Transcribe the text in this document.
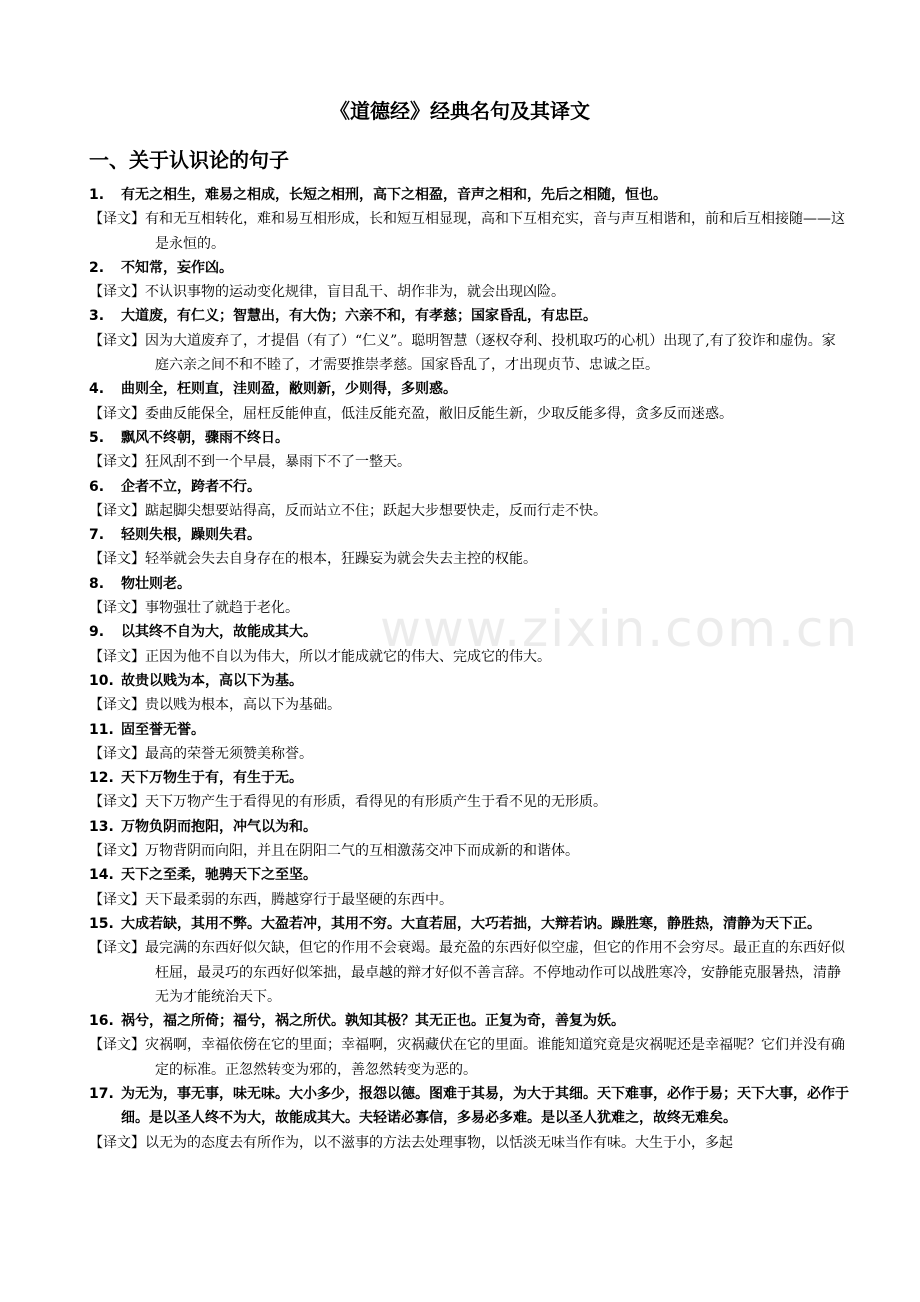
《道德经》经典名句及其译文
一、关于认识论的句子
www.zixin.com.cn
1.	有无之相生，难易之相成，长短之相刑，高下之相盈，音声之相和，先后之相随，恒也。

【译文】有和无互相转化，难和易互相形成，长和短互相显现，高和下互相充实，音与声互相谐和，前和后互相接随——这是永恒的。

2.	不知常，妄作凶。

【译文】不认识事物的运动变化规律，盲目乱干、胡作非为，就会出现凶险。

3.	大道废，有仁义；智慧出，有大伪；六亲不和，有孝慈；国家昏乱，有忠臣。

【译文】因为大道废弃了，才提倡（有了）“仁义”。聪明智慧（逐权夺利、投机取巧的心机）出现了,有了狡诈和虚伪。家庭六亲之间不和不睦了，才需要推崇孝慈。国家昏乱了，才出现贞节、忠诚之臣。

4.	曲则全，枉则直，洼则盈，敝则新，少则得，多则惑。

【译文】委曲反能保全，屈枉反能伸直，低洼反能充盈，敝旧反能生新，少取反能多得，贪多反而迷惑。

5.	飘风不终朝，骤雨不终日。

【译文】狂风刮不到一个早晨，暴雨下不了一整天。

6.	企者不立，跨者不行。

【译文】踮起脚尖想要站得高，反而站立不住；跃起大步想要快走，反而行走不快。

7.	轻则失根，躁则失君。

【译文】轻举就会失去自身存在的根本，狂躁妄为就会失去主控的权能。

8.	物壮则老。

【译文】事物强壮了就趋于老化。

9.	以其终不自为大，故能成其大。

【译文】正因为他不自以为伟大，所以才能成就它的伟大、完成它的伟大。

10. 故贵以贱为本，高以下为基。

【译文】贵以贱为根本，高以下为基础。

11. 固至誉无誉。

【译文】最高的荣誉无须赞美称誉。

12. 天下万物生于有，有生于无。

【译文】天下万物产生于看得见的有形质，看得见的有形质产生于看不见的无形质。

13. 万物负阴而抱阳，冲气以为和。

【译文】万物背阴而向阳，并且在阴阳二气的互相激荡交冲下而成新的和谐体。

14. 天下之至柔，驰骋天下之至坚。

【译文】天下最柔弱的东西，腾越穿行于最坚硬的东西中。

15. 大成若缺，其用不弊。大盈若冲，其用不穷。大直若屈，大巧若拙，大辩若讷。躁胜寒，静胜热，清静为天下正。

【译文】最完满的东西好似欠缺，但它的作用不会衰竭。最充盈的东西好似空虚，但它的作用不会穷尽。最正直的东西好似枉屈，最灵巧的东西好似笨拙，最卓越的辩才好似不善言辞。不停地动作可以战胜寒冷，安静能克服暑热，清静无为才能统治天下。

16. 祸兮，福之所倚；福兮，祸之所伏。孰知其极？其无正也。正复为奇，善复为妖。

【译文】灾祸啊，幸福依傍在它的里面；幸福啊，灾祸藏伏在它的里面。谁能知道究竟是灾祸呢还是幸福呢？它们并没有确定的标准。正忽然转变为邪的，善忽然转变为恶的。

17. 为无为，事无事，味无味。大小多少，报怨以德。图难于其易，为大于其细。天下难事，必作于易；天下大事，必作于细。是以圣人终不为大，故能成其大。夫轻诺必寡信，多易必多难。是以圣人犹难之，故终无难矣。

【译文】以无为的态度去有所作为，以不滋事的方法去处理事物，以恬淡无味当作有味。大生于小，多起
